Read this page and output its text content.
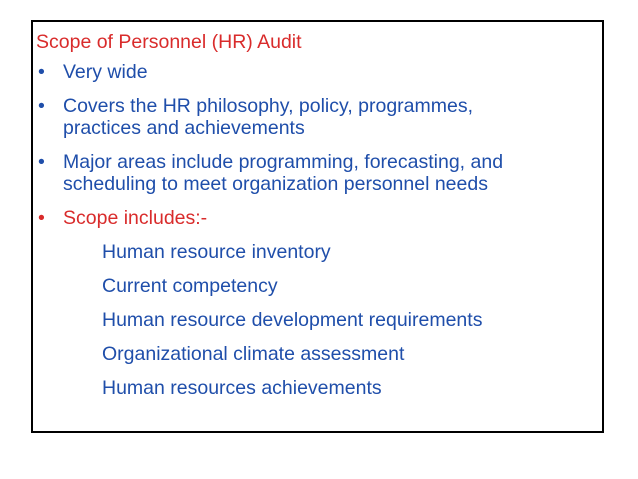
Scope of Personnel (HR) Audit
• Very wide
• Covers the HR philosophy, policy, programmes,
practices and achievements
• Major areas include programming, forecasting, and
scheduling to meet organization personnel needs
• Scope includes:-
Human resource inventory
Current competency
Human resource development requirements
Organizational climate assessment
Human resources achievements
